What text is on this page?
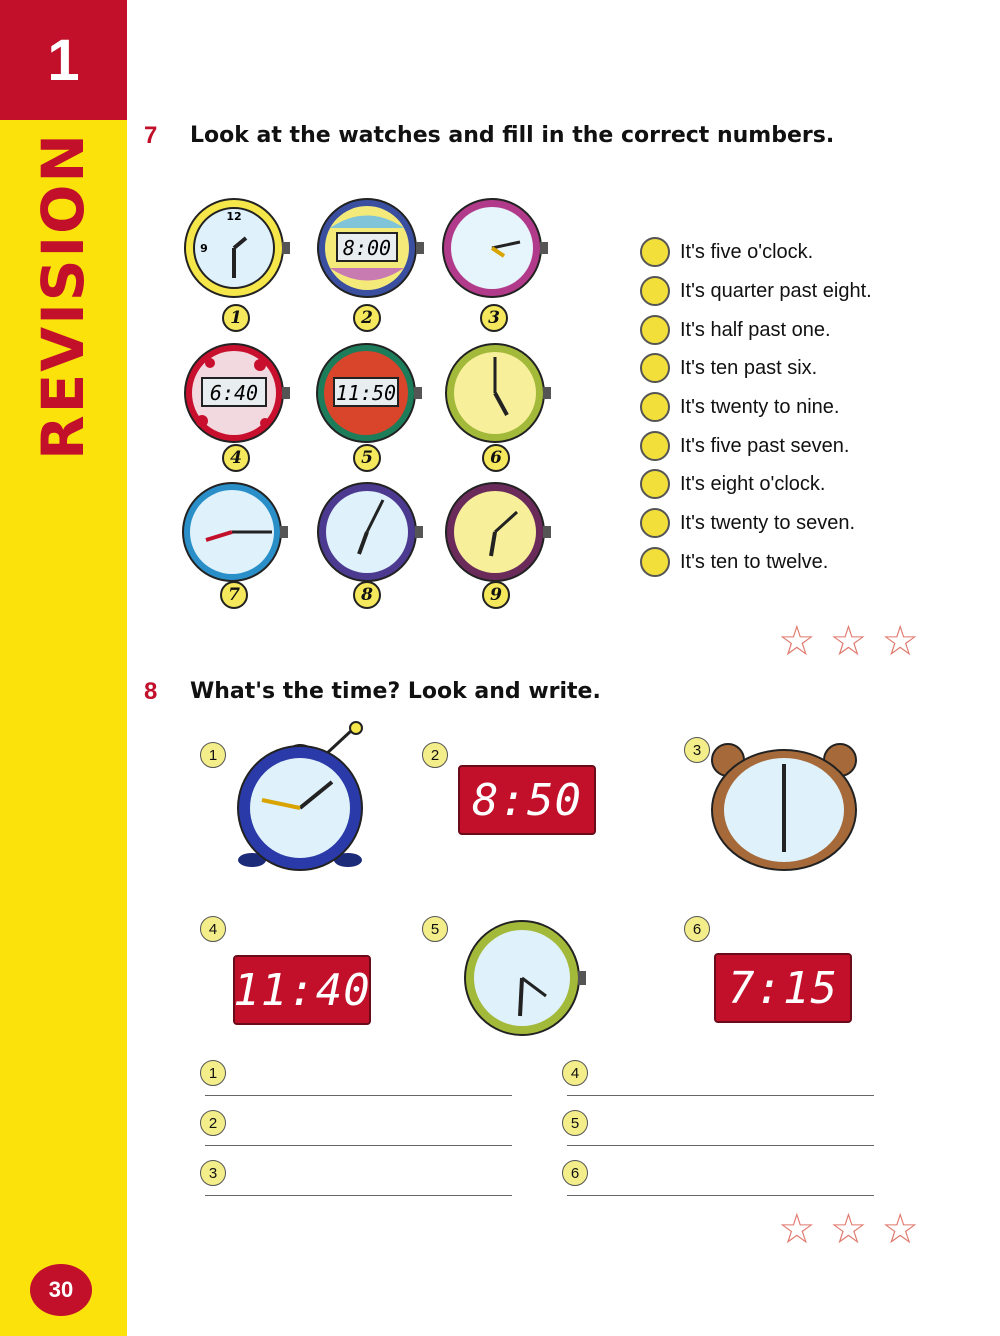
1
REVISION
30
7 Look at the watches and fill in the correct numbers.
12
9	8:00
1	2	3
6:40	11:50
4	5	6
7	8	9
It's five o'clock.
It's quarter past eight.
It's half past one.
It's ten past six.
It's twenty to nine.
It's five past seven.
It's eight o'clock.
It's twenty to seven.
It's ten to twelve.
☆ ☆ ☆
8 What's the time? Look and write.
1	2
8:50
3
4
11:40
5	6
7:15
1
2
3
4
5
6
☆ ☆ ☆
